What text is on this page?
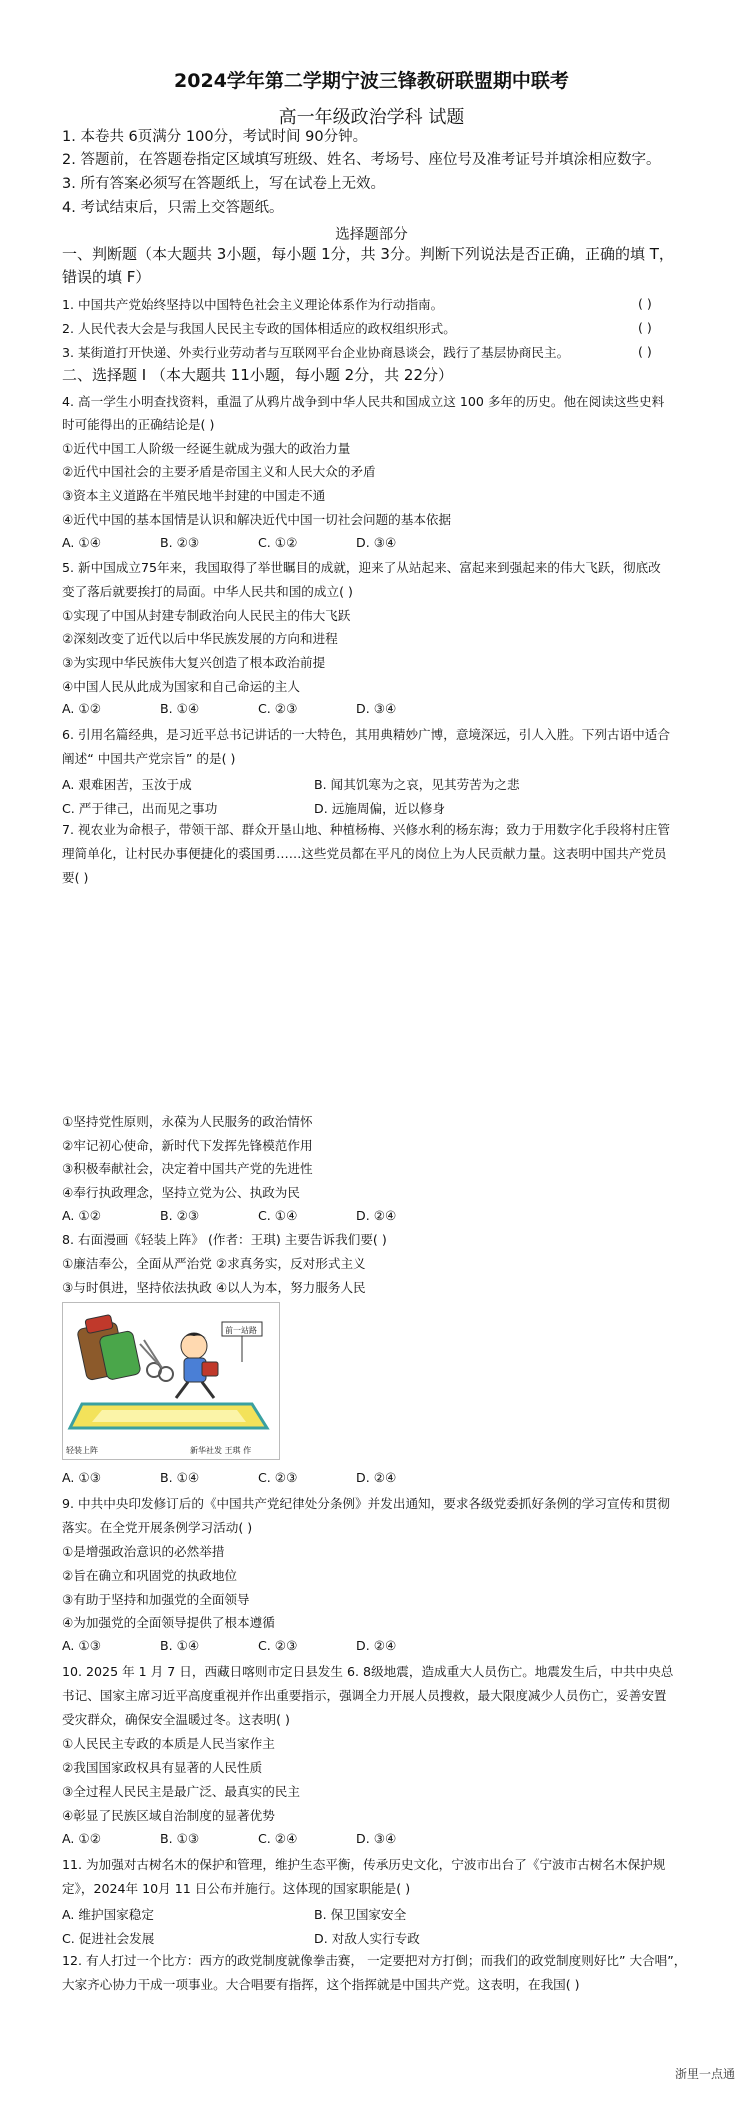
2024学年第二学期宁波三锋教研联盟期中联考
高一年级政治学科 试题
1. 本卷共 6页满分 100分，考试时间 90分钟。
2. 答题前，在答题卷指定区域填写班级、姓名、考场号、座位号及准考证号并填涂相应数字。
3. 所有答案必须写在答题纸上，写在试卷上无效。
4. 考试结束后，只需上交答题纸。
选择题部分
一、判断题（本大题共 3小题，每小题 1分，共 3分。判断下列说法是否正确，正确的填 T，
错误的填 F）
1. 中国共产党始终坚持以中国特色社会主义理论体系作为行动指南。	( )
2. 人民代表大会是与我国人民民主专政的国体相适应的政权组织形式。	( )
3. 某街道打开快递、外卖行业劳动者与互联网平台企业协商恳谈会，践行了基层协商民主。	( )
二、选择题 I （本大题共 11小题，每小题 2分，共 22分）
4. 高一学生小明查找资料，重温了从鸦片战争到中华人民共和国成立这 100 多年的历史。他在阅读这些史料
时可能得出的正确结论是( )
①近代中国工人阶级一经诞生就成为强大的政治力量
②近代中国社会的主要矛盾是帝国主义和人民大众的矛盾
③资本主义道路在半殖民地半封建的中国走不通
④近代中国的基本国情是认识和解决近代中国一切社会问题的基本依据
A. ①④	B. ②③	C. ①②	D. ③④
5. 新中国成立75年来，我国取得了举世瞩目的成就，迎来了从站起来、富起来到强起来的伟大飞跃，彻底改
变了落后就要挨打的局面。中华人民共和国的成立( )
①实现了中国从封建专制政治向人民民主的伟大飞跃
②深刻改变了近代以后中华民族发展的方向和进程
③为实现中华民族伟大复兴创造了根本政治前提
④中国人民从此成为国家和自己命运的主人
A. ①②	B. ①④	C. ②③	D. ③④
6. 引用名篇经典，是习近平总书记讲话的一大特色，其用典精妙广博，意境深远，引人入胜。下列古语中适合
阐述“ 中国共产党宗旨” 的是( )
A. 艰难困苦，玉汝于成	B. 闻其饥寒为之哀，见其劳苦为之悲
C. 严于律己，出而见之事功	D. 远施周偏，近以修身
7. 视农业为命根子，带领干部、群众开垦山地、种植杨梅、兴修水利的杨东海；致力于用数字化手段将村庄管
理简单化，让村民办事便捷化的裘国勇……这些党员都在平凡的岗位上为人民贡献力量。这表明中国共产党员
要( )
①坚持党性原则，永葆为人民服务的政治情怀
②牢记初心使命，新时代下发挥先锋模范作用
③积极奉献社会，决定着中国共产党的先进性
④奉行执政理念，坚持立党为公、执政为民
A. ①②	B. ②③	C. ①④	D. ②④
8. 右面漫画《轻装上阵》 (作者：王琪) 主要告诉我们要( )
①廉洁奉公，全面从严治党 ②求真务实，反对形式主义
③与时俱进，坚持依法执政 ④以人为本，努力服务人民
前一站路
轻装上阵	新华社发 王琪 作
A. ①③	B. ①④	C. ②③	D. ②④
9. 中共中央印发修订后的《中国共产党纪律处分条例》并发出通知，要求各级党委抓好条例的学习宣传和贯彻
落实。在全党开展条例学习活动( )
①是增强政治意识的必然举措
②旨在确立和巩固党的执政地位
③有助于坚持和加强党的全面领导
④为加强党的全面领导提供了根本遵循
A. ①③	B. ①④	C. ②③	D. ②④
10. 2025 年 1 月 7 日，西藏日喀则市定日县发生 6. 8级地震，造成重大人员伤亡。地震发生后，中共中央总
书记、国家主席习近平高度重视并作出重要指示，强调全力开展人员搜救，最大限度减少人员伤亡，妥善安置
受灾群众，确保安全温暖过冬。这表明( )
①人民民主专政的本质是人民当家作主
②我国国家政权具有显著的人民性质
③全过程人民民主是最广泛、最真实的民主
④彰显了民族区域自治制度的显著优势
A. ①②	B. ①③	C. ②④	D. ③④
11. 为加强对古树名木的保护和管理，维护生态平衡，传承历史文化，宁波市出台了《宁波市古树名木保护规
定》，2024年 10月 11 日公布并施行。这体现的国家职能是( )
A. 维护国家稳定	B. 保卫国家安全
C. 促进社会发展	D. 对敌人实行专政
12. 有人打过一个比方：西方的政党制度就像拳击赛， 一定要把对方打倒；而我们的政党制度则好比” 大合唱”，
大家齐心协力干成一项事业。大合唱要有指挥，这个指挥就是中国共产党。这表明，在我国( )
浙里一点通
